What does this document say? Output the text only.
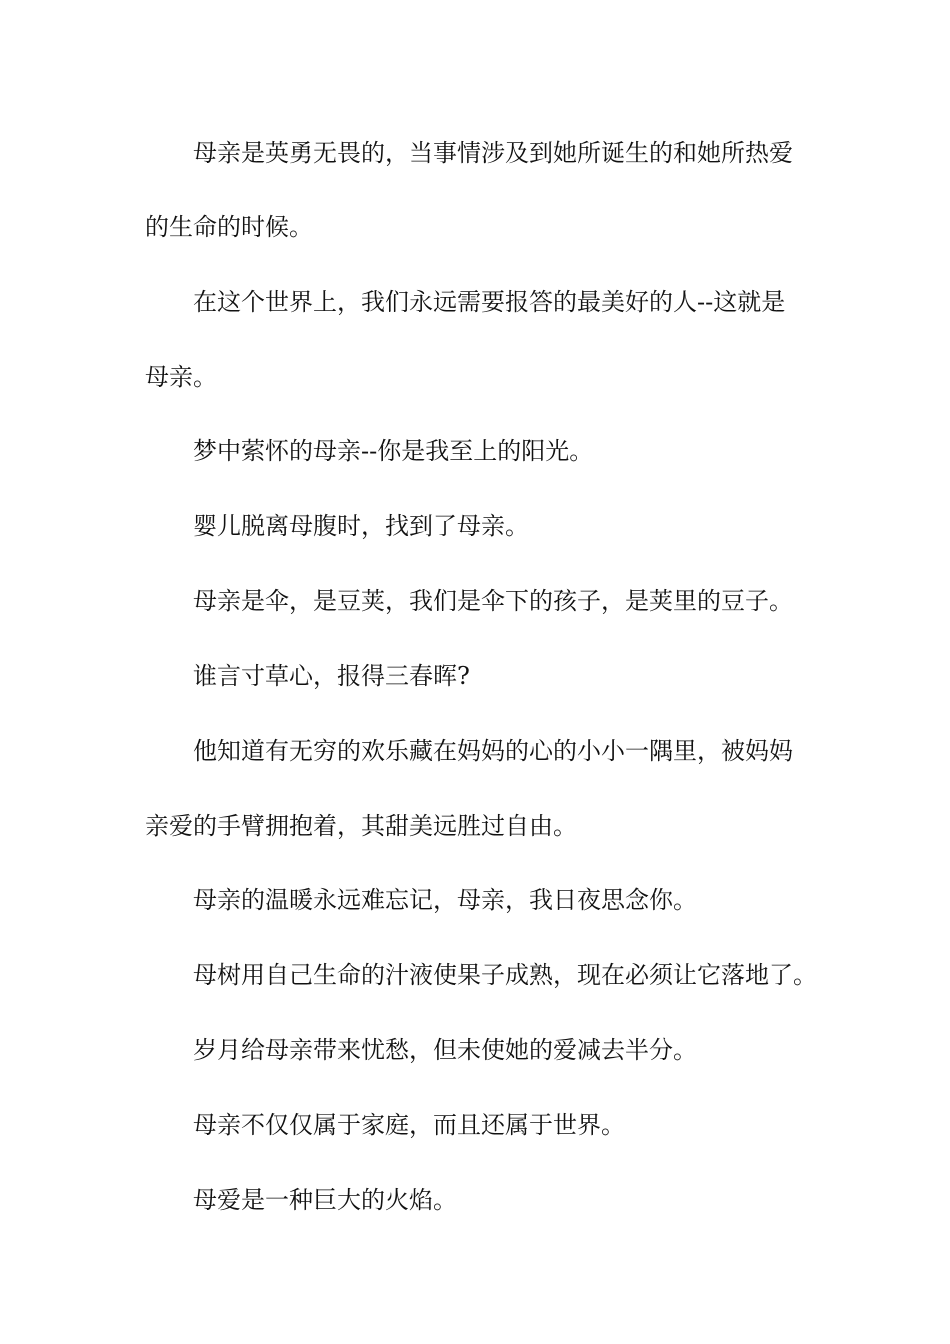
母亲是英勇无畏的，当事情涉及到她所诞生的和她所热爱

的生命的时候。

在这个世界上，我们永远需要报答的最美好的人--这就是

母亲。

梦中萦怀的母亲--你是我至上的阳光。

婴儿脱离母腹时，找到了母亲。

母亲是伞，是豆荚，我们是伞下的孩子，是荚里的豆子。

谁言寸草心，报得三春晖?

他知道有无穷的欢乐藏在妈妈的心的小小一隅里，被妈妈

亲爱的手臂拥抱着，其甜美远胜过自由。

母亲的温暖永远难忘记，母亲，我日夜思念你。

母树用自己生命的汁液使果子成熟，现在必须让它落地了。

岁月给母亲带来忧愁，但未使她的爱减去半分。

母亲不仅仅属于家庭，而且还属于世界。

母爱是一种巨大的火焰。
